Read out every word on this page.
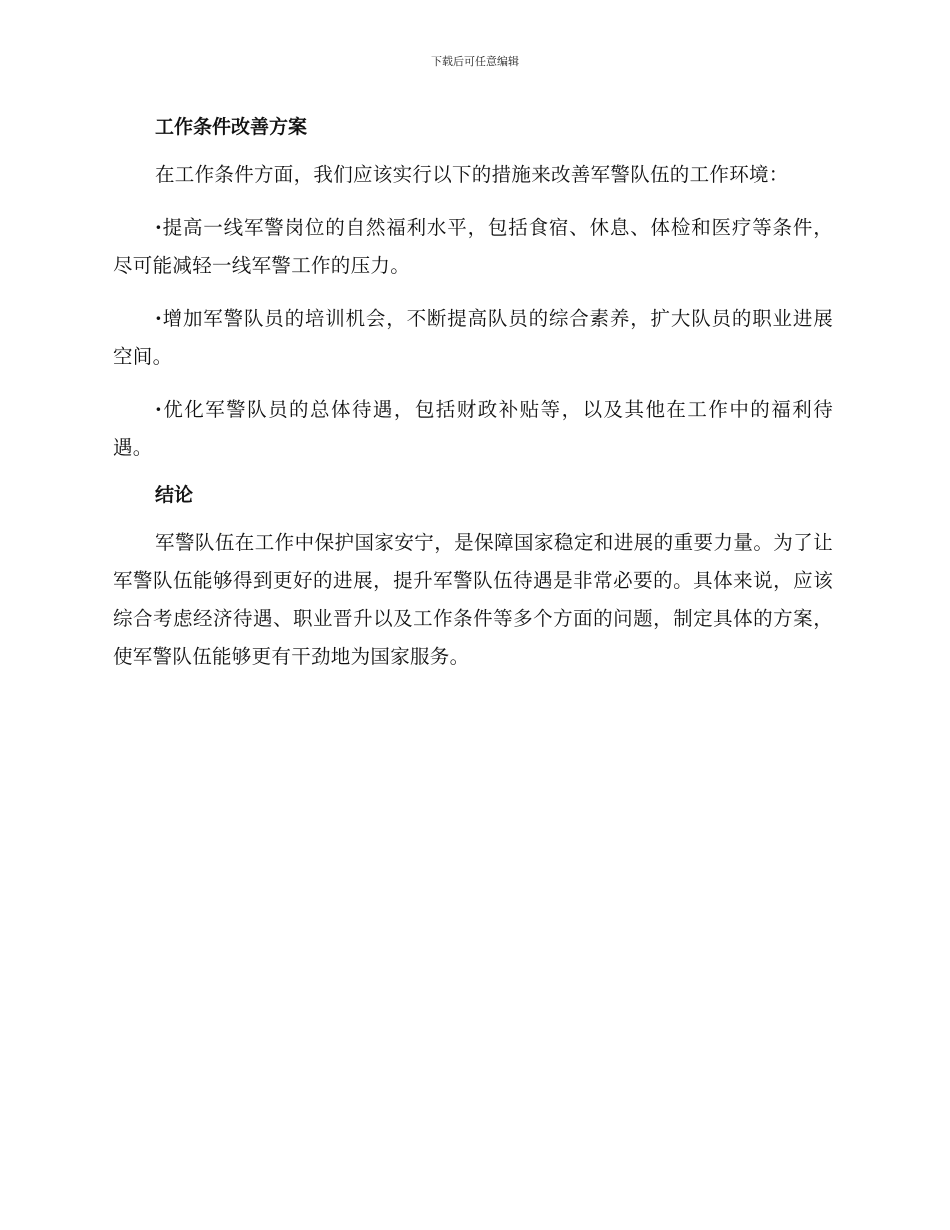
下载后可任意编辑
工作条件改善方案

在工作条件方面，我们应该实行以下的措施来改善军警队伍的工作环境：

·提高一线军警岗位的自然福利水平，包括食宿、休息、体检和医疗等条件，尽可能减轻一线军警工作的压力。

·增加军警队员的培训机会，不断提高队员的综合素养，扩大队员的职业进展空间。

·优化军警队员的总体待遇，包括财政补贴等，以及其他在工作中的福利待遇。

结论

军警队伍在工作中保护国家安宁，是保障国家稳定和进展的重要力量。为了让军警队伍能够得到更好的进展，提升军警队伍待遇是非常必要的。具体来说，应该综合考虑经济待遇、职业晋升以及工作条件等多个方面的问题，制定具体的方案，使军警队伍能够更有干劲地为国家服务。
